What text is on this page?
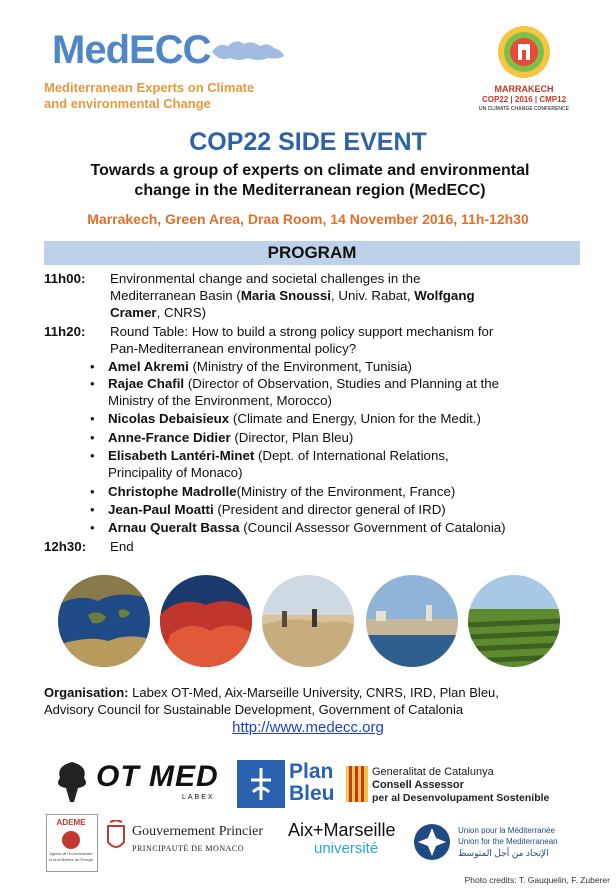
MedECC
Mediterranean Experts on Climate
and environmental Change
MARRAKECH
COP22 | 2016 | CMP12
UN CLIMATE CHANGE CONFERENCE
COP22 SIDE EVENT
Towards a group of experts on climate and environmental
change in the Mediterranean region (MedECC)
Marrakech, Green Area, Draa Room, 14 November 2016, 11h-12h30
PROGRAM
11h00: Environmental change and societal challenges in the
Mediterranean Basin (Maria Snoussi, Univ. Rabat, Wolfgang
Cramer, CNRS)
11h20: Round Table: How to build a strong policy support mechanism for
Pan-Mediterranean environmental policy?
• Amel Akremi (Ministry of the Environment, Tunisia)
• Rajae Chafil (Director of Observation, Studies and Planning at the
Ministry of the Environment, Morocco)
• Nicolas Debaisieux (Climate and Energy, Union for the Medit.)
• Anne-France Didier (Director, Plan Bleu)
• Elisabeth Lantéri-Minet (Dept. of International Relations,
Principality of Monaco)
• Christophe Madrolle(Ministry of the Environment, France)
• Jean-Paul Moatti (President and director general of IRD)
• Arnau Queralt Bassa (Council Assessor Government of Catalonia)
12h30: End
Organisation: Labex OT-Med, Aix-Marseille University, CNRS, IRD, Plan Bleu,
Advisory Council for Sustainable Development, Government of Catalonia
http://www.medecc.org
OT MED
LABEX
Plan
Bleu
Generalitat de Catalunya
Consell Assessor
per al Desenvolupament Sostenible
ADEME
Agence de l'Environnement
et de la Maîtrise de l'Énergie
Gouvernement Princier
PRINCIPAUTÉ DE MONACO
Aix+Marseille
université
Union pour la Méditerranée
Union for the Mediterranean
الإتحاد من أجل المتوسط
Photo credits: T. Gauquelin, F. Zuberer
